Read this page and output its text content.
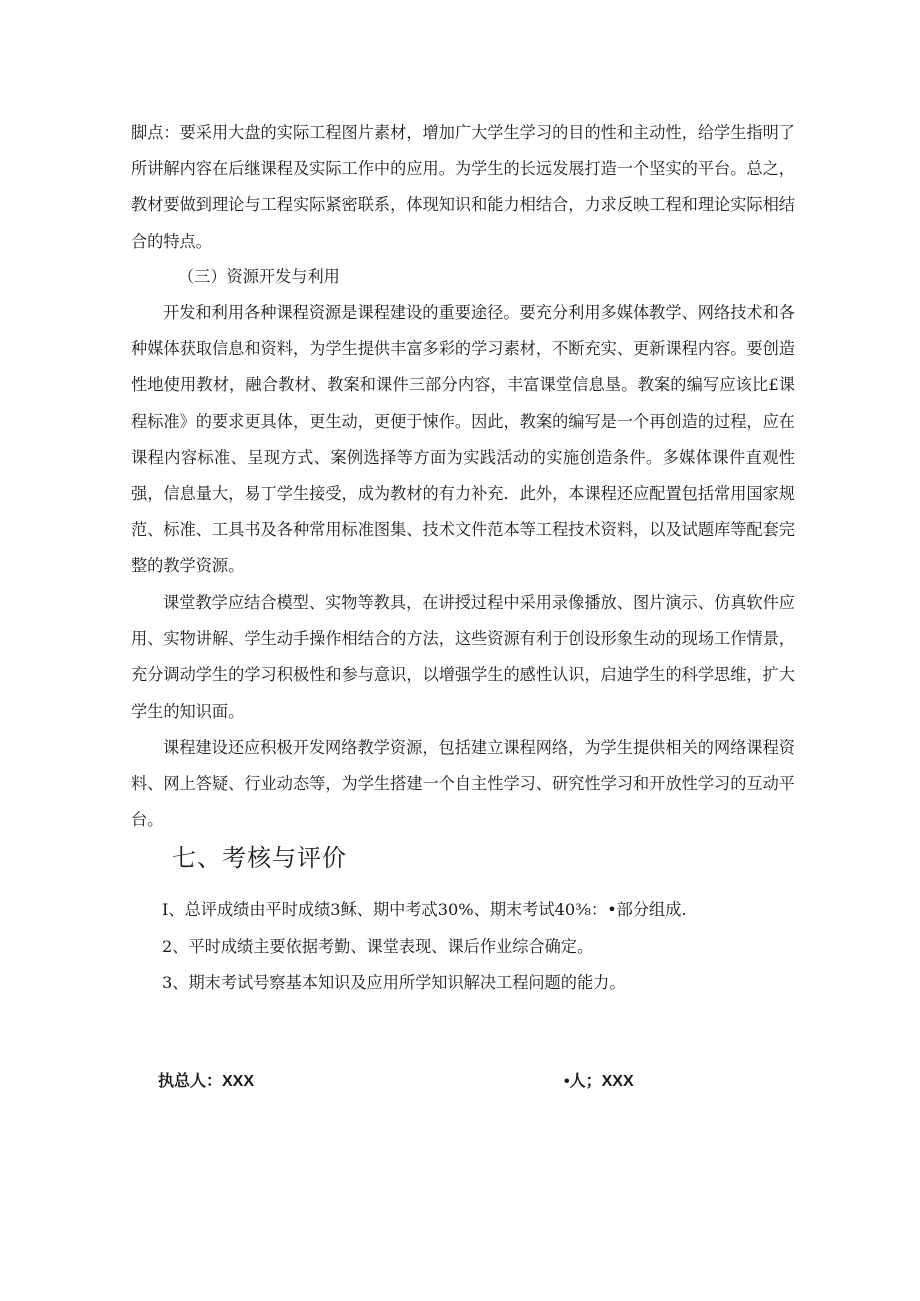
脚点：要采用大盘的实际工程图片素材，增加广大学生学习的目的性和主动性，给学生指明了所讲解内容在后继课程及实际工作中的应用。为学生的长远发展打造一个坚实的平台。总之，教材要做到理论与工程实际紧密联系，体现知识和能力相结合，力求反映工程和理论实际相结合的特点。

（三）资源开发与利用

开发和利用各种课程资源是课程建设的重要途径。要充分利用多媒体教学、网络技术和各种媒体获取信息和资料，为学生提供丰富多彩的学习素材，不断充实、更新课程内容。要创造性地使用教材，融合教材、教案和课件三部分内容，丰富课堂信息垦。教案的编写应该比£课程标准》的要求更具体，更生动，更便于悚作。因此，教案的编写是一个再创造的过程，应在课程内容标准、呈现方式、案例选择等方面为实践活动的实施创造条件。多媒体课件直观性强，信息量大，易丁学生接受，成为教材的有力补充．此外，本课程还应配置包括常用国家规范、标准、工具书及各种常用标准图集、技术文件范本等工程技术资料，以及试题库等配套完整的教学资源。

课堂教学应结合模型、实物等教具，在讲授过程中采用录像播放、图片演示、仿真软件应用、实物讲解、学生动手操作相结合的方法，这些资源有利于创设形象生动的现场工作情景，充分调动学生的学习积极性和参与意识，以增强学生的感性认识，启迪学生的科学思维，扩大学生的知识面。

课程建设还应积极开发网络教学资源，包括建立课程网络，为学生提供相关的网络课程资料、网上答疑、行业动态等，为学生搭建一个自主性学习、研究性学习和开放性学习的互动平台。

七、考核与评价
I、总评成绩由平时成绩3稣、期中考忒30%、期末考试40⅜：•部分组成.
2、平时成绩主要依据考勤、课堂表现、课后作业综合确定。
3、期末考试号察基本知识及应用所学知识解决工程问题的能力。
执总人：XXX	•人；XXX
